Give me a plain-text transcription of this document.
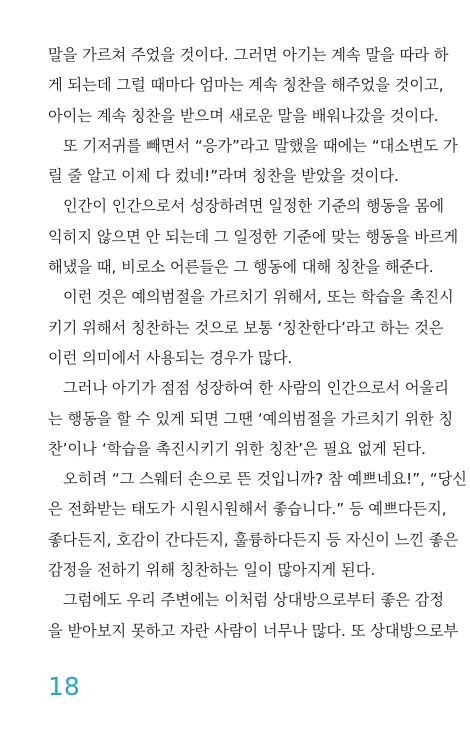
말을 가르쳐 주었을 것이다. 그러면 아기는 계속 말을 따라 하
게 되는데 그럴 때마다 엄마는 계속 칭찬을 해주었을 것이고,
아이는 계속 칭찬을 받으며 새로운 말을 배워나갔을 것이다.
또 기저귀를 빼면서 “응가”라고 말했을 때에는 “대소변도 가
릴 줄 알고 이제 다 컸네!”라며 칭찬을 받았을 것이다.
인간이 인간으로서 성장하려면 일정한 기준의 행동을 몸에
익히지 않으면 안 되는데 그 일정한 기준에 맞는 행동을 바르게
해냈을 때, 비로소 어른들은 그 행동에 대해 칭찬을 해준다.
이런 것은 예의범절을 가르치기 위해서, 또는 학습을 촉진시
키기 위해서 칭찬하는 것으로 보통 ‘칭찬한다’라고 하는 것은
이런 의미에서 사용되는 경우가 많다.
그러나 아기가 점점 성장하여 한 사람의 인간으로서 어울리
는 행동을 할 수 있게 되면 그땐 ‘예의범절을 가르치기 위한 칭
찬’이나 ‘학습을 촉진시키기 위한 칭찬’은 필요 없게 된다.
오히려 “그 스웨터 손으로 뜬 것입니까? 참 예쁘네요!”, “당신
은 전화받는 태도가 시원시원해서 좋습니다.” 등 예쁘다든지,
좋다든지, 호감이 간다든지, 훌륭하다든지 등 자신이 느낀 좋은
감정을 전하기 위해 칭찬하는 일이 많아지게 된다.
그럼에도 우리 주변에는 이처럼 상대방으로부터 좋은 감정
을 받아보지 못하고 자란 사람이 너무나 많다. 또 상대방으로부
18
